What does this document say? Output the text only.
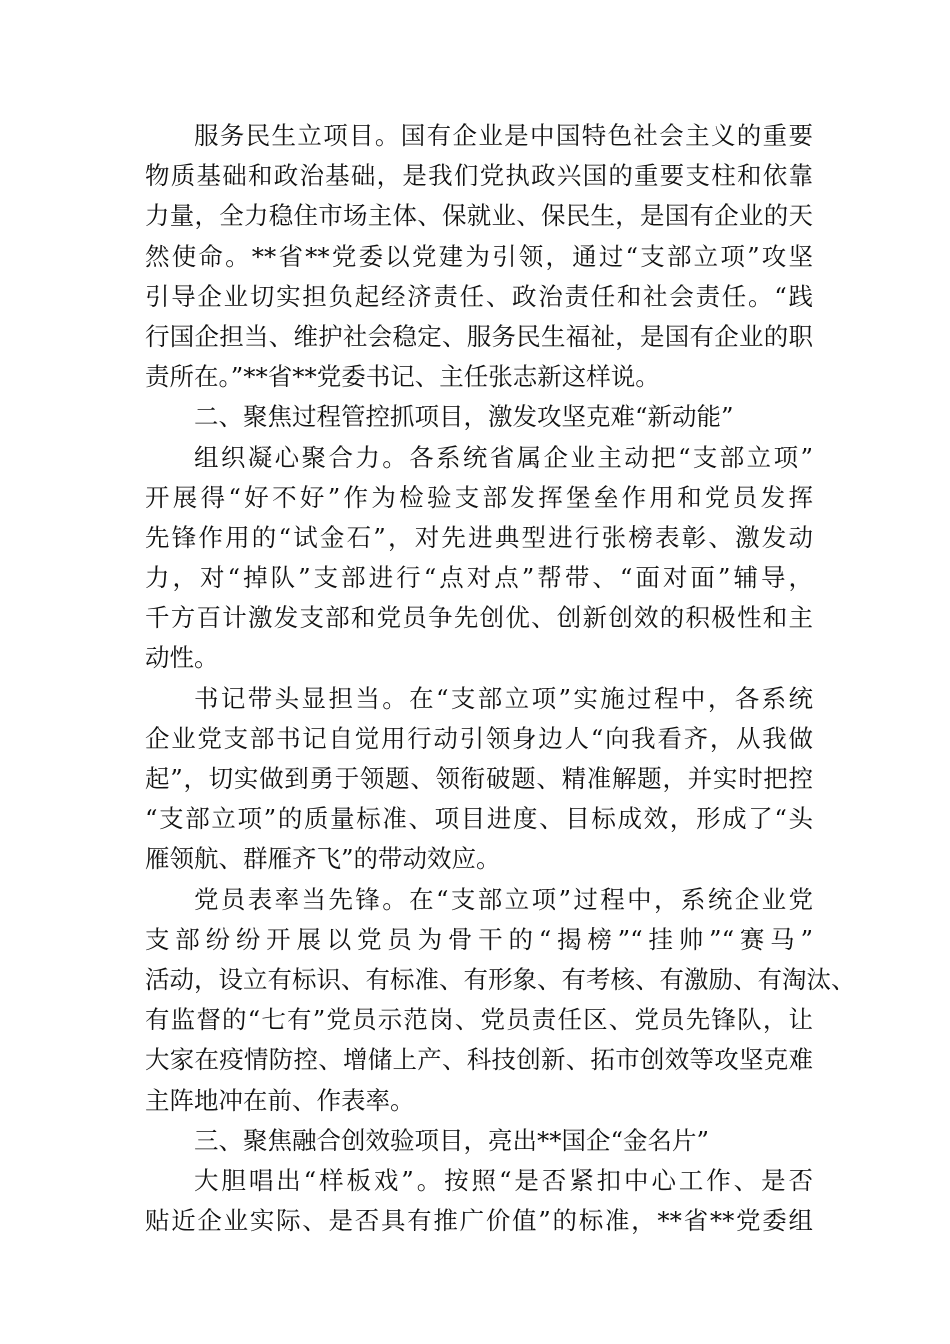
服务民生立项目。国有企业是中国特色社会主义的重要
物质基础和政治基础，是我们党执政兴国的重要支柱和依靠
力量，全力稳住市场主体、保就业、保民生，是国有企业的天
然使命。**省**党委以党建为引领，通过“支部立项”攻坚
引导企业切实担负起经济责任、政治责任和社会责任。“践
行国企担当、维护社会稳定、服务民生福祉，是国有企业的职
责所在。”**省**党委书记、主任张志新这样说。
二、聚焦过程管控抓项目，激发攻坚克难“新动能”
组织凝心聚合力。各系统省属企业主动把“支部立项”
开展得“好不好”作为检验支部发挥堡垒作用和党员发挥
先锋作用的“试金石”，对先进典型进行张榜表彰、激发动
力，对“掉队”支部进行“点对点”帮带、“面对面”辅导，
千方百计激发支部和党员争先创优、创新创效的积极性和主
动性。
书记带头显担当。在“支部立项”实施过程中，各系统
企业党支部书记自觉用行动引领身边人“向我看齐，从我做
起”，切实做到勇于领题、领衔破题、精准解题，并实时把控
“支部立项”的质量标准、项目进度、目标成效，形成了“头
雁领航、群雁齐飞”的带动效应。
党员表率当先锋。在“支部立项”过程中，系统企业党
支部纷纷开展以党员为骨干的“揭榜”“挂帅”“赛马”
活动，设立有标识、有标准、有形象、有考核、有激励、有淘汰、
有监督的“七有”党员示范岗、党员责任区、党员先锋队，让
大家在疫情防控、增储上产、科技创新、拓市创效等攻坚克难
主阵地冲在前、作表率。
三、聚焦融合创效验项目，亮出**国企“金名片”
大胆唱出“样板戏”。按照“是否紧扣中心工作、是否
贴近企业实际、是否具有推广价值”的标准，**省**党委组
